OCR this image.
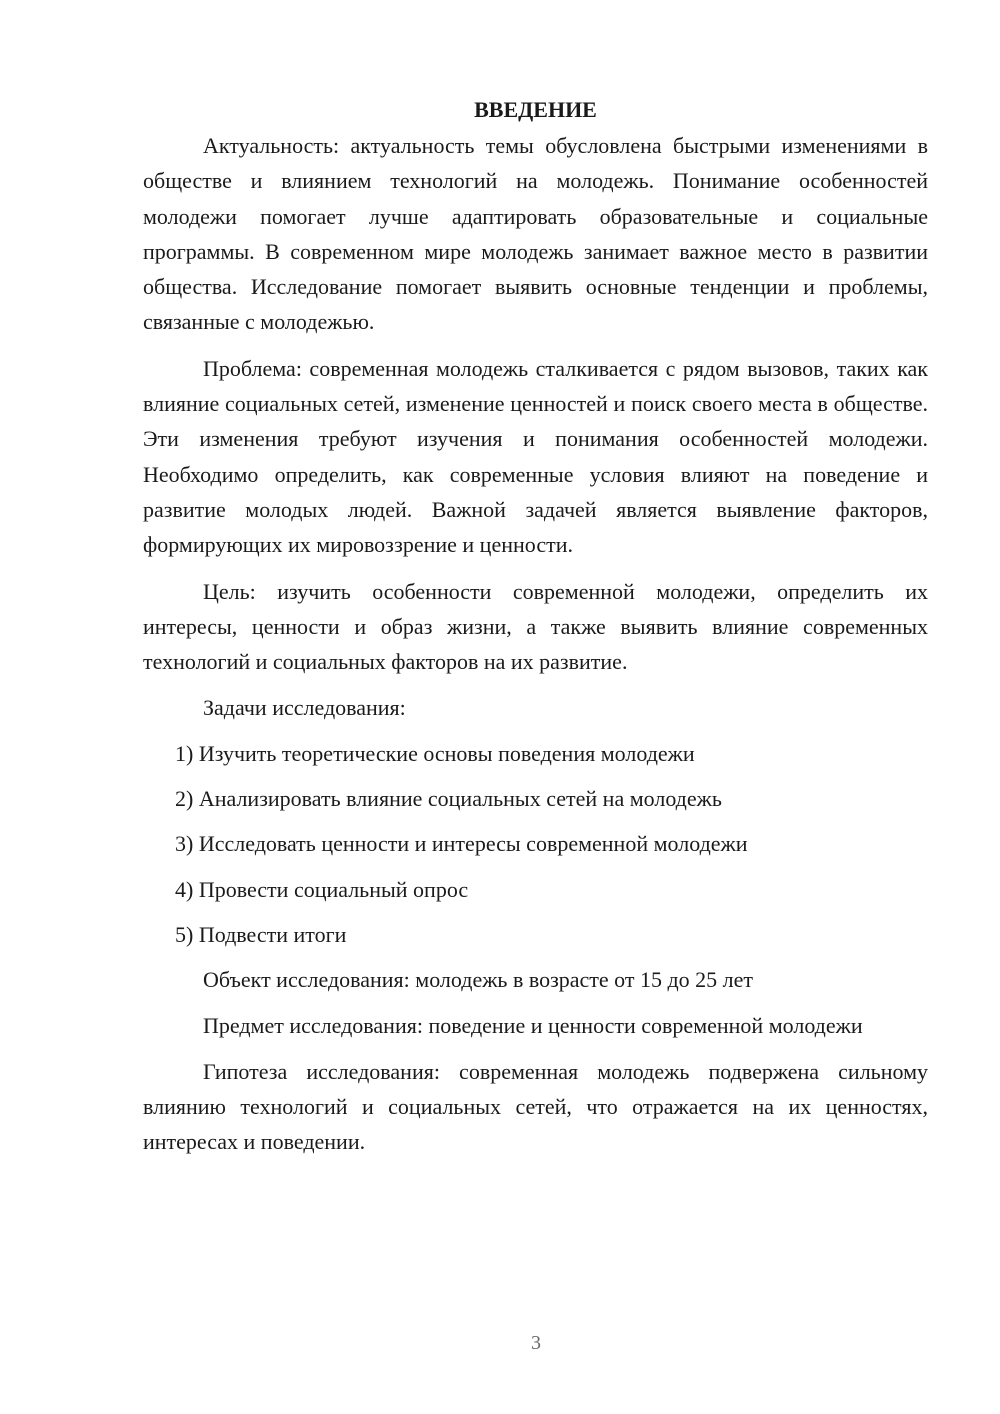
ВВЕДЕНИЕ

Актуальность: актуальность темы обусловлена быстрыми изменениями в обществе и влиянием технологий на молодежь. Понимание особенностей молодежи помогает лучше адаптировать образовательные и социальные программы. В современном мире молодежь занимает важное место в развитии общества. Исследование помогает выявить основные тенденции и проблемы, связанные с молодежью.

Проблема: современная молодежь сталкивается с рядом вызовов, таких как влияние социальных сетей, изменение ценностей и поиск своего места в обществе. Эти изменения требуют изучения и понимания особенностей молодежи. Необходимо определить, как современные условия влияют на поведение и развитие молодых людей. Важной задачей является выявление факторов, формирующих их мировоззрение и ценности.

Цель: изучить особенности современной молодежи, определить их интересы, ценности и образ жизни, а также выявить влияние современных технологий и социальных факторов на их развитие.

Задачи исследования:

1) Изучить теоретические основы поведения молодежи
2) Анализировать влияние социальных сетей на молодежь
3) Исследовать ценности и интересы современной молодежи
4) Провести социальный опрос
5) Подвести итоги

Объект исследования: молодежь в возрасте от 15 до 25 лет

Предмет исследования: поведение и ценности современной молодежи

Гипотеза исследования: современная молодежь подвержена сильному влиянию технологий и социальных сетей, что отражается на их ценностях, интересах и поведении.

3
